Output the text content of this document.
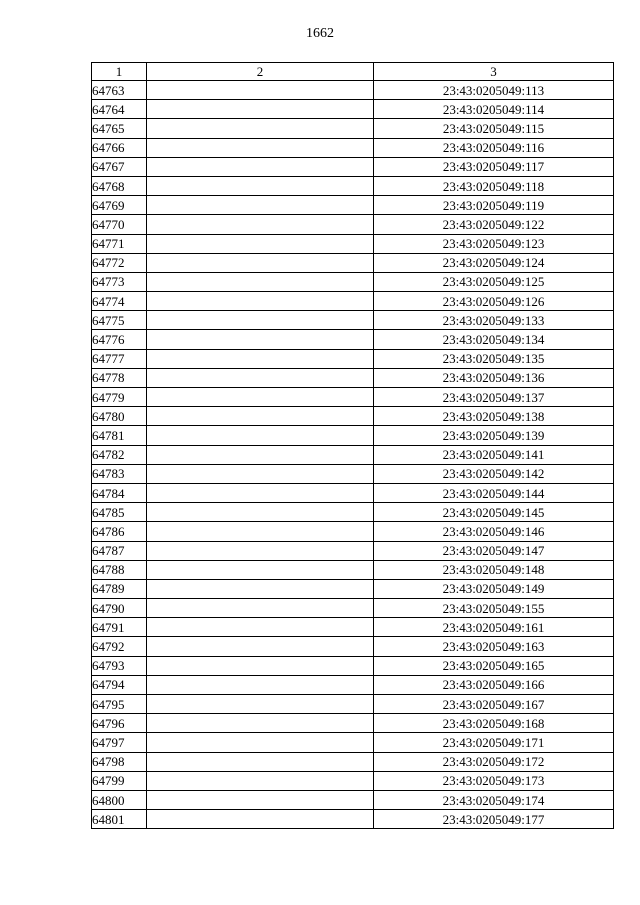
1662
1	2	3
64763		23:43:0205049:113
64764		23:43:0205049:114
64765		23:43:0205049:115
64766		23:43:0205049:116
64767		23:43:0205049:117
64768		23:43:0205049:118
64769		23:43:0205049:119
64770		23:43:0205049:122
64771		23:43:0205049:123
64772		23:43:0205049:124
64773		23:43:0205049:125
64774		23:43:0205049:126
64775		23:43:0205049:133
64776		23:43:0205049:134
64777		23:43:0205049:135
64778		23:43:0205049:136
64779		23:43:0205049:137
64780		23:43:0205049:138
64781		23:43:0205049:139
64782		23:43:0205049:141
64783		23:43:0205049:142
64784		23:43:0205049:144
64785		23:43:0205049:145
64786		23:43:0205049:146
64787		23:43:0205049:147
64788		23:43:0205049:148
64789		23:43:0205049:149
64790		23:43:0205049:155
64791		23:43:0205049:161
64792		23:43:0205049:163
64793		23:43:0205049:165
64794		23:43:0205049:166
64795		23:43:0205049:167
64796		23:43:0205049:168
64797		23:43:0205049:171
64798		23:43:0205049:172
64799		23:43:0205049:173
64800		23:43:0205049:174
64801		23:43:0205049:177
